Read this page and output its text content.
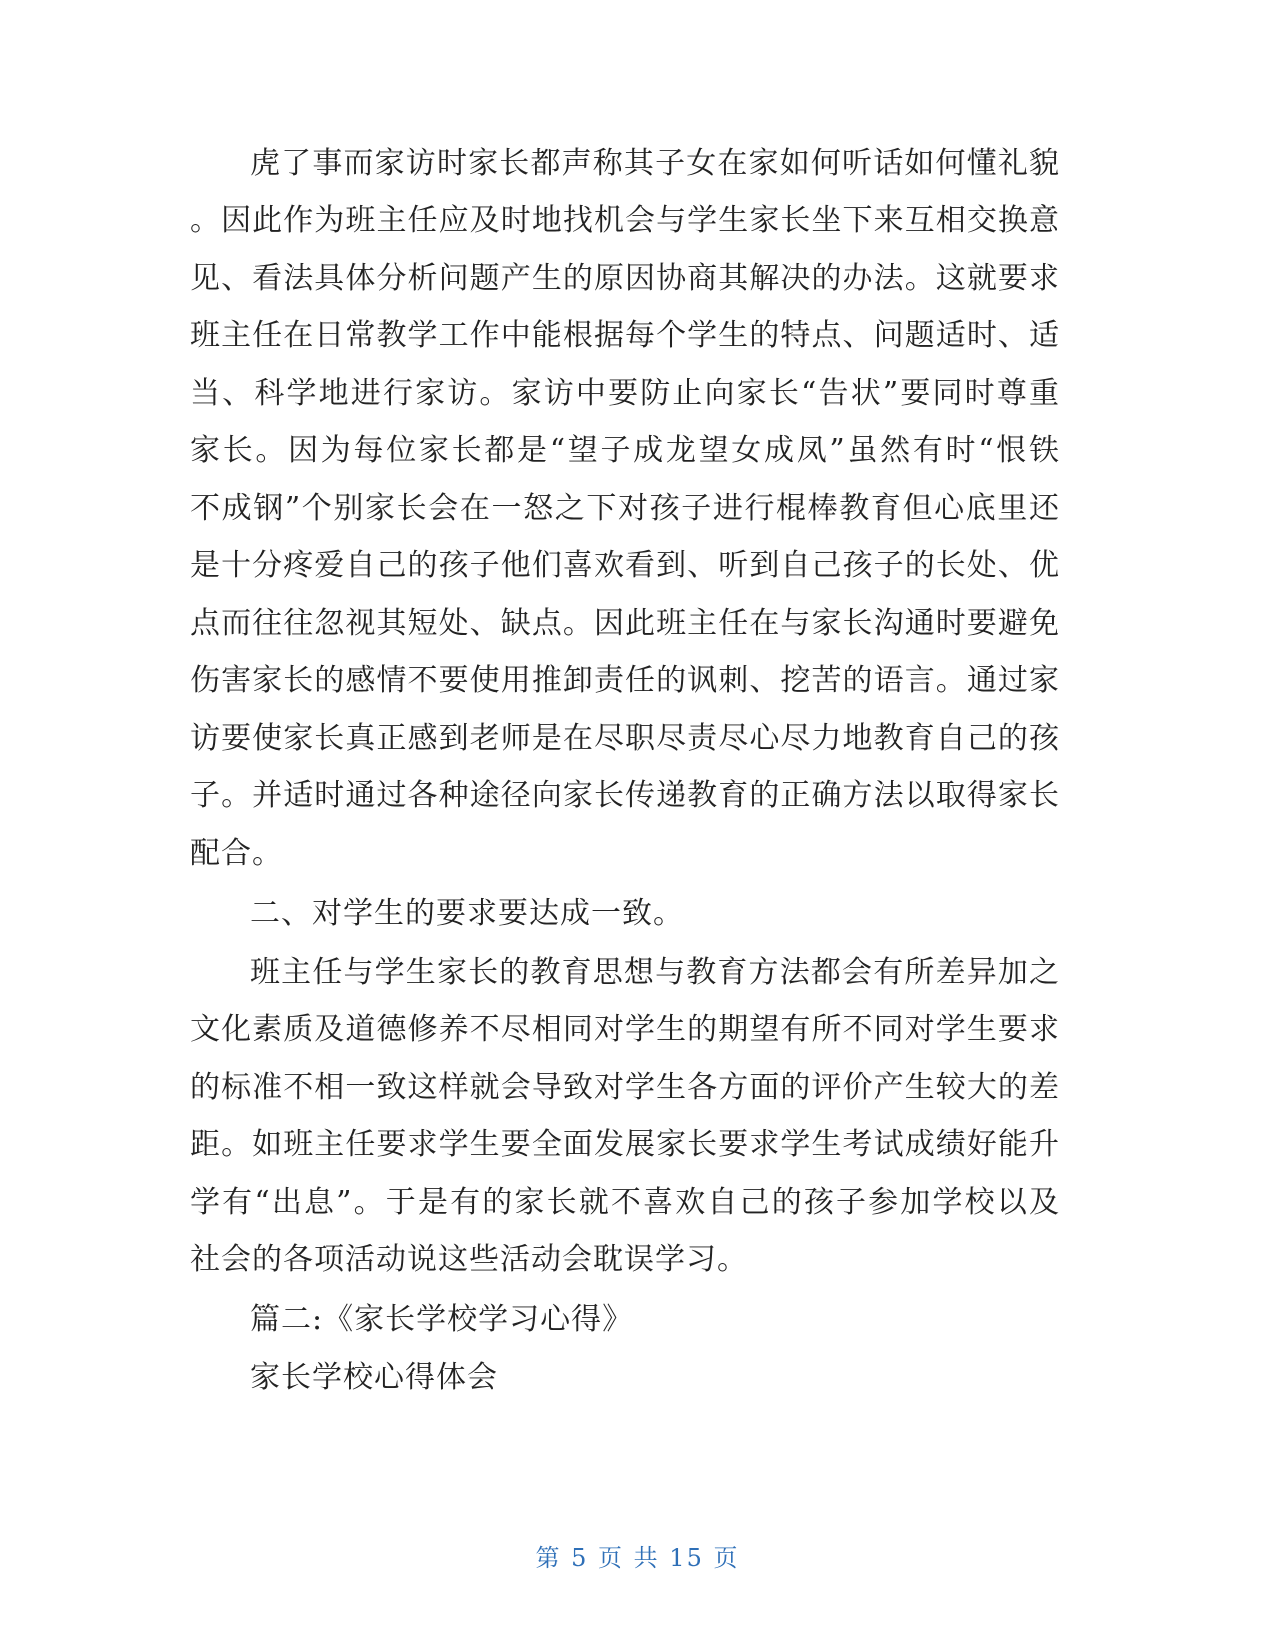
虎了事而家访时家长都声称其子女在家如何听话如何懂礼貌
。因此作为班主任应及时地找机会与学生家长坐下来互相交换意
见、看法具体分析问题产生的原因协商其解决的办法。这就要求
班主任在日常教学工作中能根据每个学生的特点、问题适时、适
当、科学地进行家访。家访中要防止向家长“告状”要同时尊重
家长。因为每位家长都是“望子成龙望女成凤”虽然有时“恨铁
不成钢”个别家长会在一怒之下对孩子进行棍棒教育但心底里还
是十分疼爱自己的孩子他们喜欢看到、听到自己孩子的长处、优
点而往往忽视其短处、缺点。因此班主任在与家长沟通时要避免
伤害家长的感情不要使用推卸责任的讽刺、挖苦的语言。通过家
访要使家长真正感到老师是在尽职尽责尽心尽力地教育自己的孩
子。并适时通过各种途径向家长传递教育的正确方法以取得家长
配合。
二、对学生的要求要达成一致。
班主任与学生家长的教育思想与教育方法都会有所差异加之
文化素质及道德修养不尽相同对学生的期望有所不同对学生要求
的标准不相一致这样就会导致对学生各方面的评价产生较大的差
距。如班主任要求学生要全面发展家长要求学生考试成绩好能升
学有“出息”。于是有的家长就不喜欢自己的孩子参加学校以及
社会的各项活动说这些活动会耽误学习。
篇二:《家长学校学习心得》
家长学校心得体会
第 5 页 共 15 页
